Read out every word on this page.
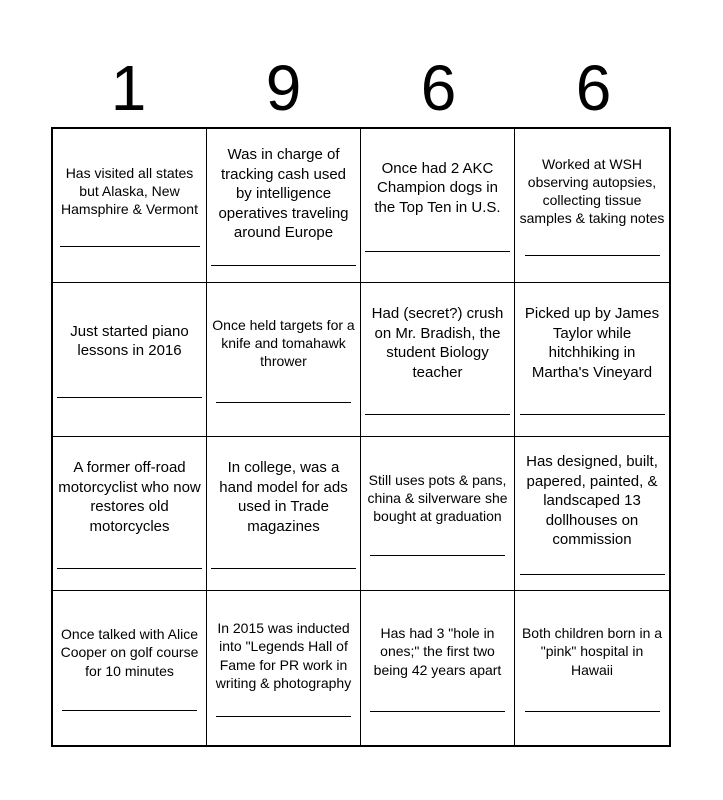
1	9	6	6
Has visited all states but Alaska, New Hamsphire & Vermont
Was in charge of tracking cash used by intelligence operatives traveling around Europe
Once had 2 AKC Champion dogs in the Top Ten in U.S.
Worked at WSH observing autopsies, collecting tissue samples & taking notes
Just started piano lessons in 2016
Once held targets for a knife and tomahawk thrower
Had (secret?) crush on Mr. Bradish, the student Biology teacher
Picked up by James Taylor while hitchhiking in Martha's Vineyard
A former off-road motorcyclist who now restores old motorcycles
In college, was a hand model for ads used in Trade magazines
Still uses pots & pans, china & silverware she bought at graduation
Has designed, built, papered, painted, & landscaped 13 dollhouses on commission
Once talked with Alice Cooper on golf course for 10 minutes
In 2015 was inducted into "Legends Hall of Fame for PR work in writing & photography
Has had 3 "hole in ones;" the first two being 42 years apart
Both children born in a "pink" hospital in Hawaii
